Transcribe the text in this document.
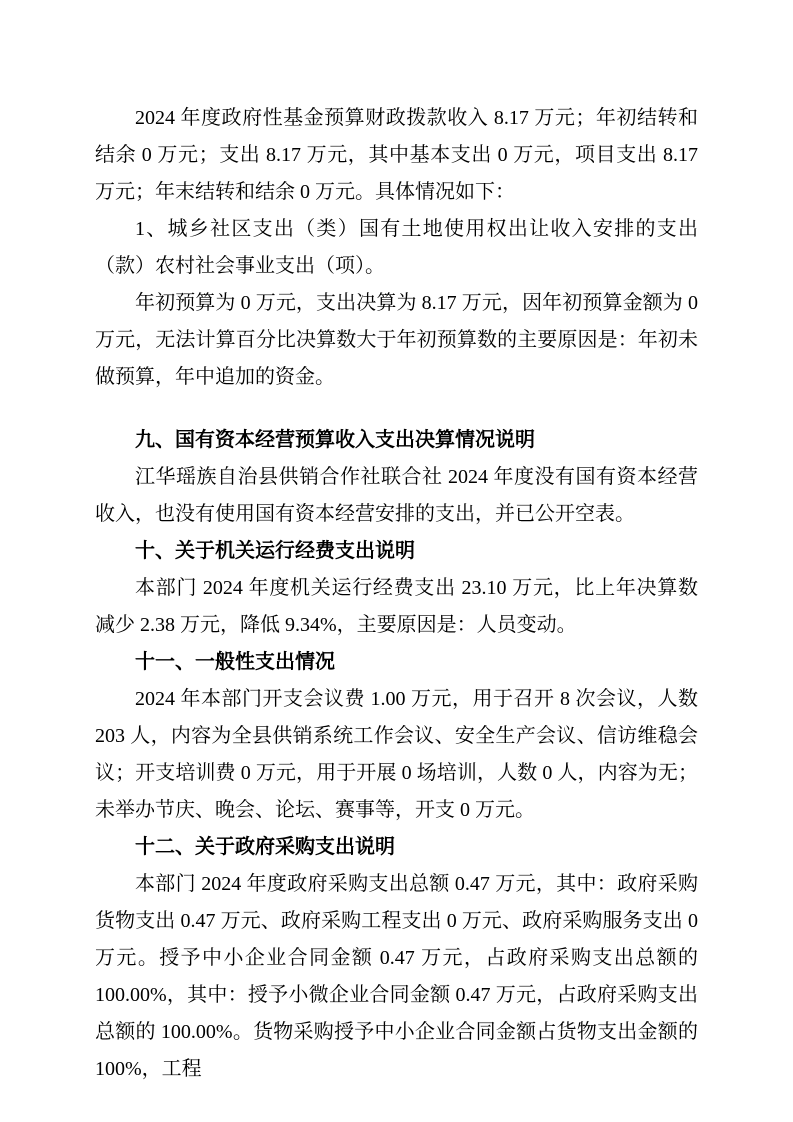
2024 年度政府性基金预算财政拨款收入 8.17 万元；年初结转和结余 0 万元；支出 8.17 万元，其中基本支出 0 万元，项目支出 8.17 万元；年末结转和结余 0 万元。具体情况如下：

1、城乡社区支出（类）国有土地使用权出让收入安排的支出（款）农村社会事业支出（项）。

年初预算为 0 万元，支出决算为 8.17 万元，因年初预算金额为 0 万元，无法计算百分比决算数大于年初预算数的主要原因是：年初未做预算，年中追加的资金。

九、国有资本经营预算收入支出决算情况说明

江华瑶族自治县供销合作社联合社 2024 年度没有国有资本经营收入，也没有使用国有资本经营安排的支出，并已公开空表。

十、关于机关运行经费支出说明

本部门 2024 年度机关运行经费支出 23.10 万元，比上年决算数减少 2.38 万元，降低 9.34%，主要原因是：人员变动。

十一、一般性支出情况

2024 年本部门开支会议费 1.00 万元，用于召开 8 次会议，人数 203 人，内容为全县供销系统工作会议、安全生产会议、信访维稳会议；开支培训费 0 万元，用于开展 0 场培训，人数 0 人，内容为无；未举办节庆、晚会、论坛、赛事等，开支 0 万元。

十二、关于政府采购支出说明

本部门 2024 年度政府采购支出总额 0.47 万元，其中：政府采购货物支出 0.47 万元、政府采购工程支出 0 万元、政府采购服务支出 0 万元。授予中小企业合同金额 0.47 万元，占政府采购支出总额的 100.00%，其中：授予小微企业合同金额 0.47 万元，占政府采购支出总额的 100.00%。货物采购授予中小企业合同金额占货物支出金额的 100%，工程
